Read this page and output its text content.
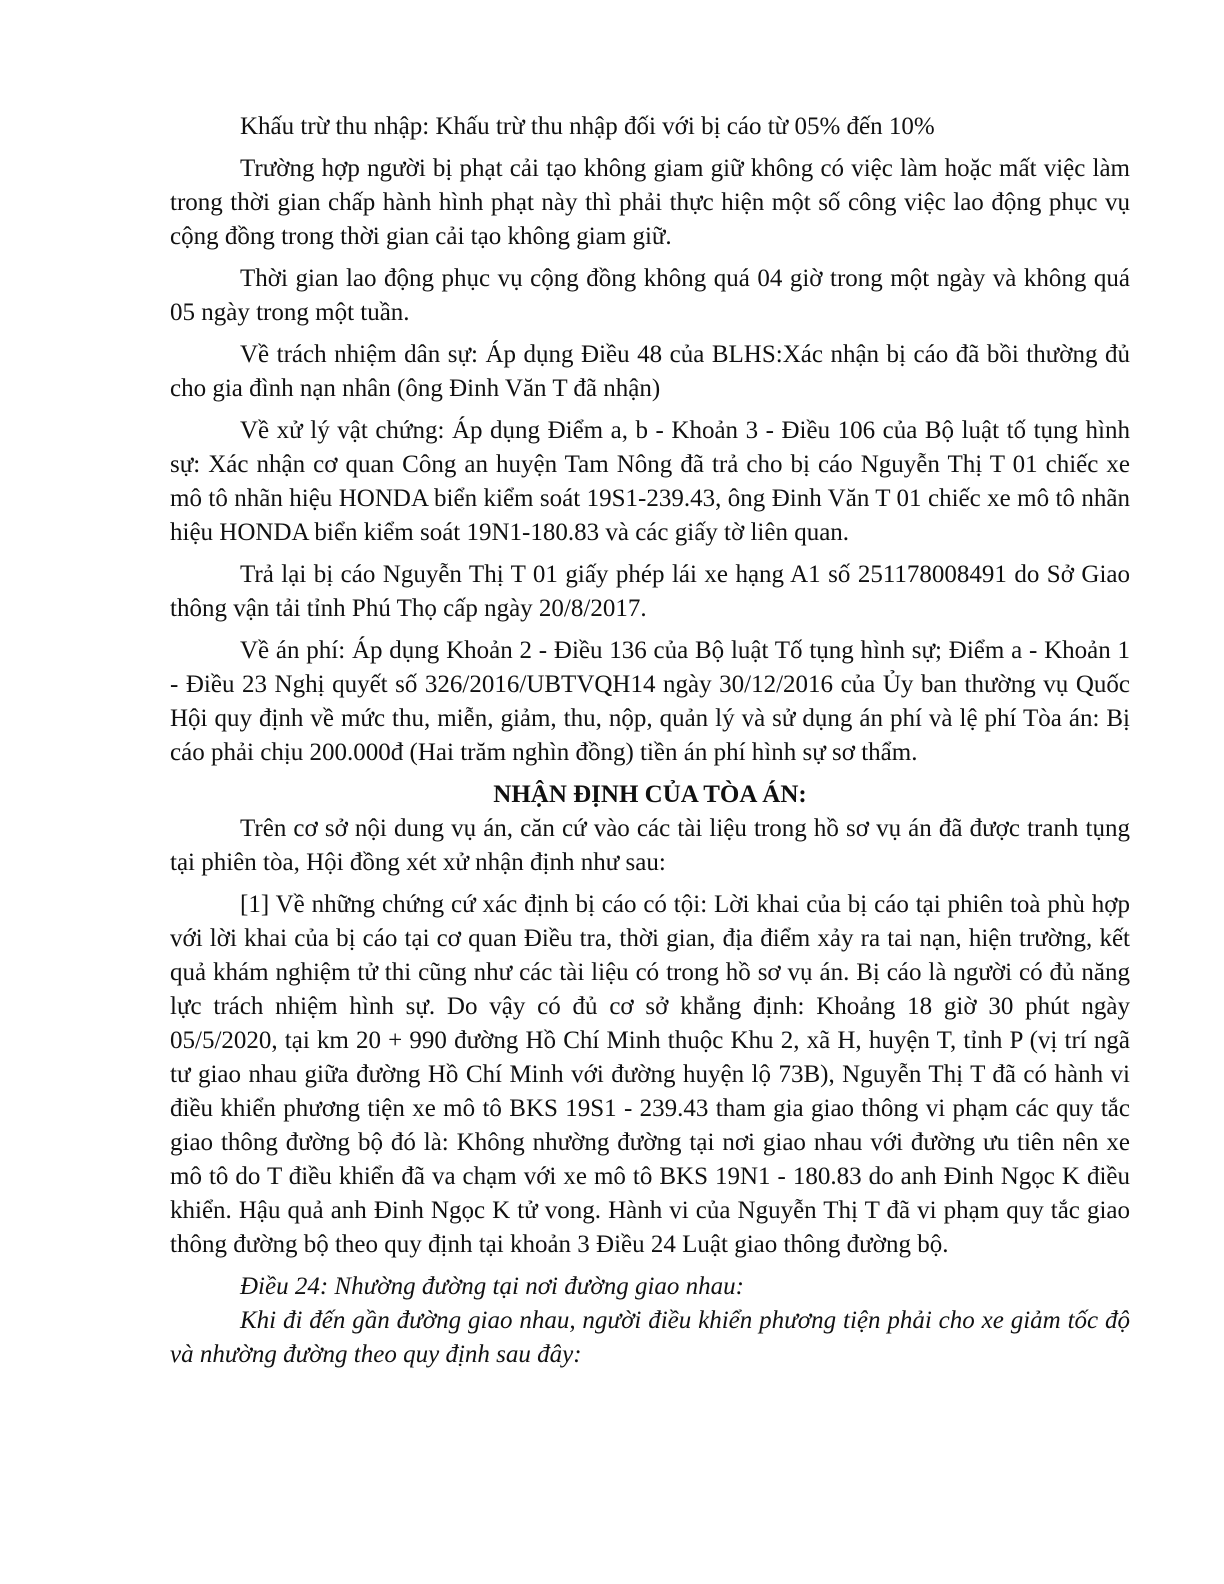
Khấu trừ thu nhập: Khấu trừ thu nhập đối với bị cáo từ 05% đến 10%

Trường hợp người bị phạt cải tạo không giam giữ không có việc làm hoặc mất việc làm trong thời gian chấp hành hình phạt này thì phải thực hiện một số công việc lao động phục vụ cộng đồng trong thời gian cải tạo không giam giữ.

Thời gian lao động phục vụ cộng đồng không quá 04 giờ trong một ngày và không quá 05 ngày trong một tuần.

Về trách nhiệm dân sự: Áp dụng Điều 48 của BLHS:Xác nhận bị cáo đã bồi thường đủ cho gia đình nạn nhân (ông Đinh Văn T đã nhận)

Về xử lý vật chứng: Áp dụng Điểm a, b - Khoản 3 - Điều 106 của Bộ luật tố tụng hình sự: Xác nhận cơ quan Công an huyện Tam Nông đã trả cho bị cáo Nguyễn Thị T 01 chiếc xe mô tô nhãn hiệu HONDA biển kiểm soát 19S1-239.43, ông Đinh Văn T 01 chiếc xe mô tô nhãn hiệu HONDA biển kiểm soát 19N1-180.83 và các giấy tờ liên quan.

Trả lại bị cáo Nguyễn Thị T 01 giấy phép lái xe hạng A1 số 251178008491 do Sở Giao thông vận tải tỉnh Phú Thọ cấp ngày 20/8/2017.

Về án phí: Áp dụng Khoản 2 - Điều 136 của Bộ luật Tố tụng hình sự; Điểm a - Khoản 1 - Điều 23 Nghị quyết số 326/2016/UBTVQH14 ngày 30/12/2016 của Ủy ban thường vụ Quốc Hội quy định về mức thu, miễn, giảm, thu, nộp, quản lý và sử dụng án phí và lệ phí Tòa án: Bị cáo phải chịu 200.000đ (Hai trăm nghìn đồng) tiền án phí hình sự sơ thẩm.

NHẬN ĐỊNH CỦA TÒA ÁN:

Trên cơ sở nội dung vụ án, căn cứ vào các tài liệu trong hồ sơ vụ án đã được tranh tụng tại phiên tòa, Hội đồng xét xử nhận định như sau:

[1] Về những chứng cứ xác định bị cáo có tội: Lời khai của bị cáo tại phiên toà phù hợp với lời khai của bị cáo tại cơ quan Điều tra, thời gian, địa điểm xảy ra tai nạn, hiện trường, kết quả khám nghiệm tử thi cũng như các tài liệu có trong hồ sơ vụ án. Bị cáo là người có đủ năng lực trách nhiệm hình sự. Do vậy có đủ cơ sở khẳng định: Khoảng 18 giờ 30 phút ngày 05/5/2020, tại km 20 + 990 đường Hồ Chí Minh thuộc Khu 2, xã H, huyện T, tỉnh P (vị trí ngã tư giao nhau giữa đường Hồ Chí Minh với đường huyện lộ 73B), Nguyễn Thị T đã có hành vi điều khiển phương tiện xe mô tô BKS 19S1 - 239.43 tham gia giao thông vi phạm các quy tắc giao thông đường bộ đó là: Không nhường đường tại nơi giao nhau với đường ưu tiên nên xe mô tô do T điều khiển đã va chạm với xe mô tô BKS 19N1 - 180.83 do anh Đinh Ngọc K điều khiển. Hậu quả anh Đinh Ngọc K tử vong. Hành vi của Nguyễn Thị T đã vi phạm quy tắc giao thông đường bộ theo quy định tại khoản 3 Điều 24 Luật giao thông đường bộ.

Điều 24: Nhường đường tại nơi đường giao nhau:

Khi đi đến gần đường giao nhau, người điều khiển phương tiện phải cho xe giảm tốc độ và nhường đường theo quy định sau đây:
